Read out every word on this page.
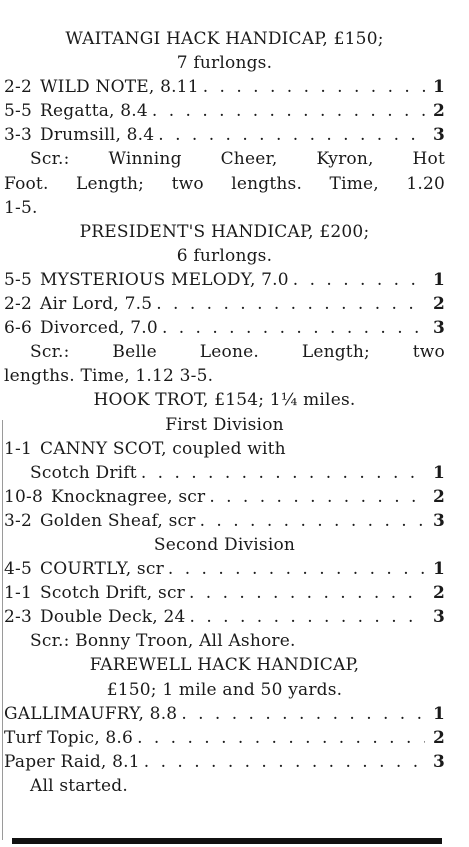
WAITANGI HACK HANDICAP, £150;
7 furlongs.
2-2 WILD NOTE, 8.11 . . .	1
5-5 Regatta, 8.4 . . .	2
3-3 Drumsill, 8.4 . . .	3
Scr.: Winning Cheer, Kyron, Hot
Foot. Length; two lengths. Time, 1.20
1-5.
PRESIDENT'S HANDICAP, £200;
6 furlongs.
5-5 MYSTERIOUS MELODY, 7.0 . . .	1
2-2 Air Lord, 7.5 . . .	2
6-6 Divorced, 7.0 . . .	3
Scr.: Belle Leone. Length; two
lengths. Time, 1.12 3-5.
HOOK TROT, £154; 1¼ miles.
First Division
1-1 CANNY SCOT, coupled with
Scotch Drift . . .	1
10-8 Knocknagree, scr . . .	2
3-2 Golden Sheaf, scr . . .	3
Second Division
4-5 COURTLY, scr . . .	1
1-1 Scotch Drift, scr . . .	2
2-3 Double Deck, 24 . . .	3
Scr.: Bonny Troon, All Ashore.
FAREWELL HACK HANDICAP,
£150; 1 mile and 50 yards.
GALLIMAUFRY, 8.8 . . .	1
Turf Topic, 8.6 . . .	2
Paper Raid, 8.1 . . .	3
All started.
